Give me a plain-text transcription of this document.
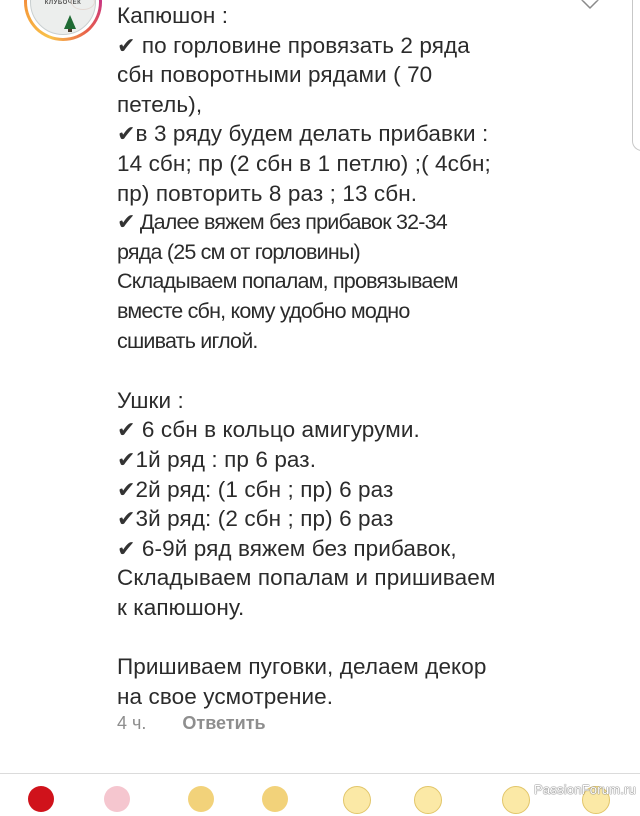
КЛУБОЧЕК Капюшон :
✔ по горловине провязать 2 ряда
сбн поворотными рядами ( 70
петель),
✔в 3 ряду будем делать прибавки :
14 сбн; пр (2 сбн в 1 петлю) ;( 4сбн;
пр) повторить 8 раз ; 13 сбн.
✔ Далее вяжем без прибавок 32-34
ряда (25 см от горловины)
Складываем попалам, провязываем
вместе сбн, кому удобно модно
сшивать иглой.
Ушки :
✔ 6 сбн в кольцо амигуруми.
✔1й ряд : пр 6 раз.
✔2й ряд: (1 сбн ; пр) 6 раз
✔3й ряд: (2 сбн ; пр) 6 раз
✔ 6-9й ряд вяжем без прибавок,
Складываем попалам и пришиваем
к капюшону.
Пришиваем пуговки, делаем декор
на свое усмотрение.
4 ч. Ответить
PassionForum.ru
